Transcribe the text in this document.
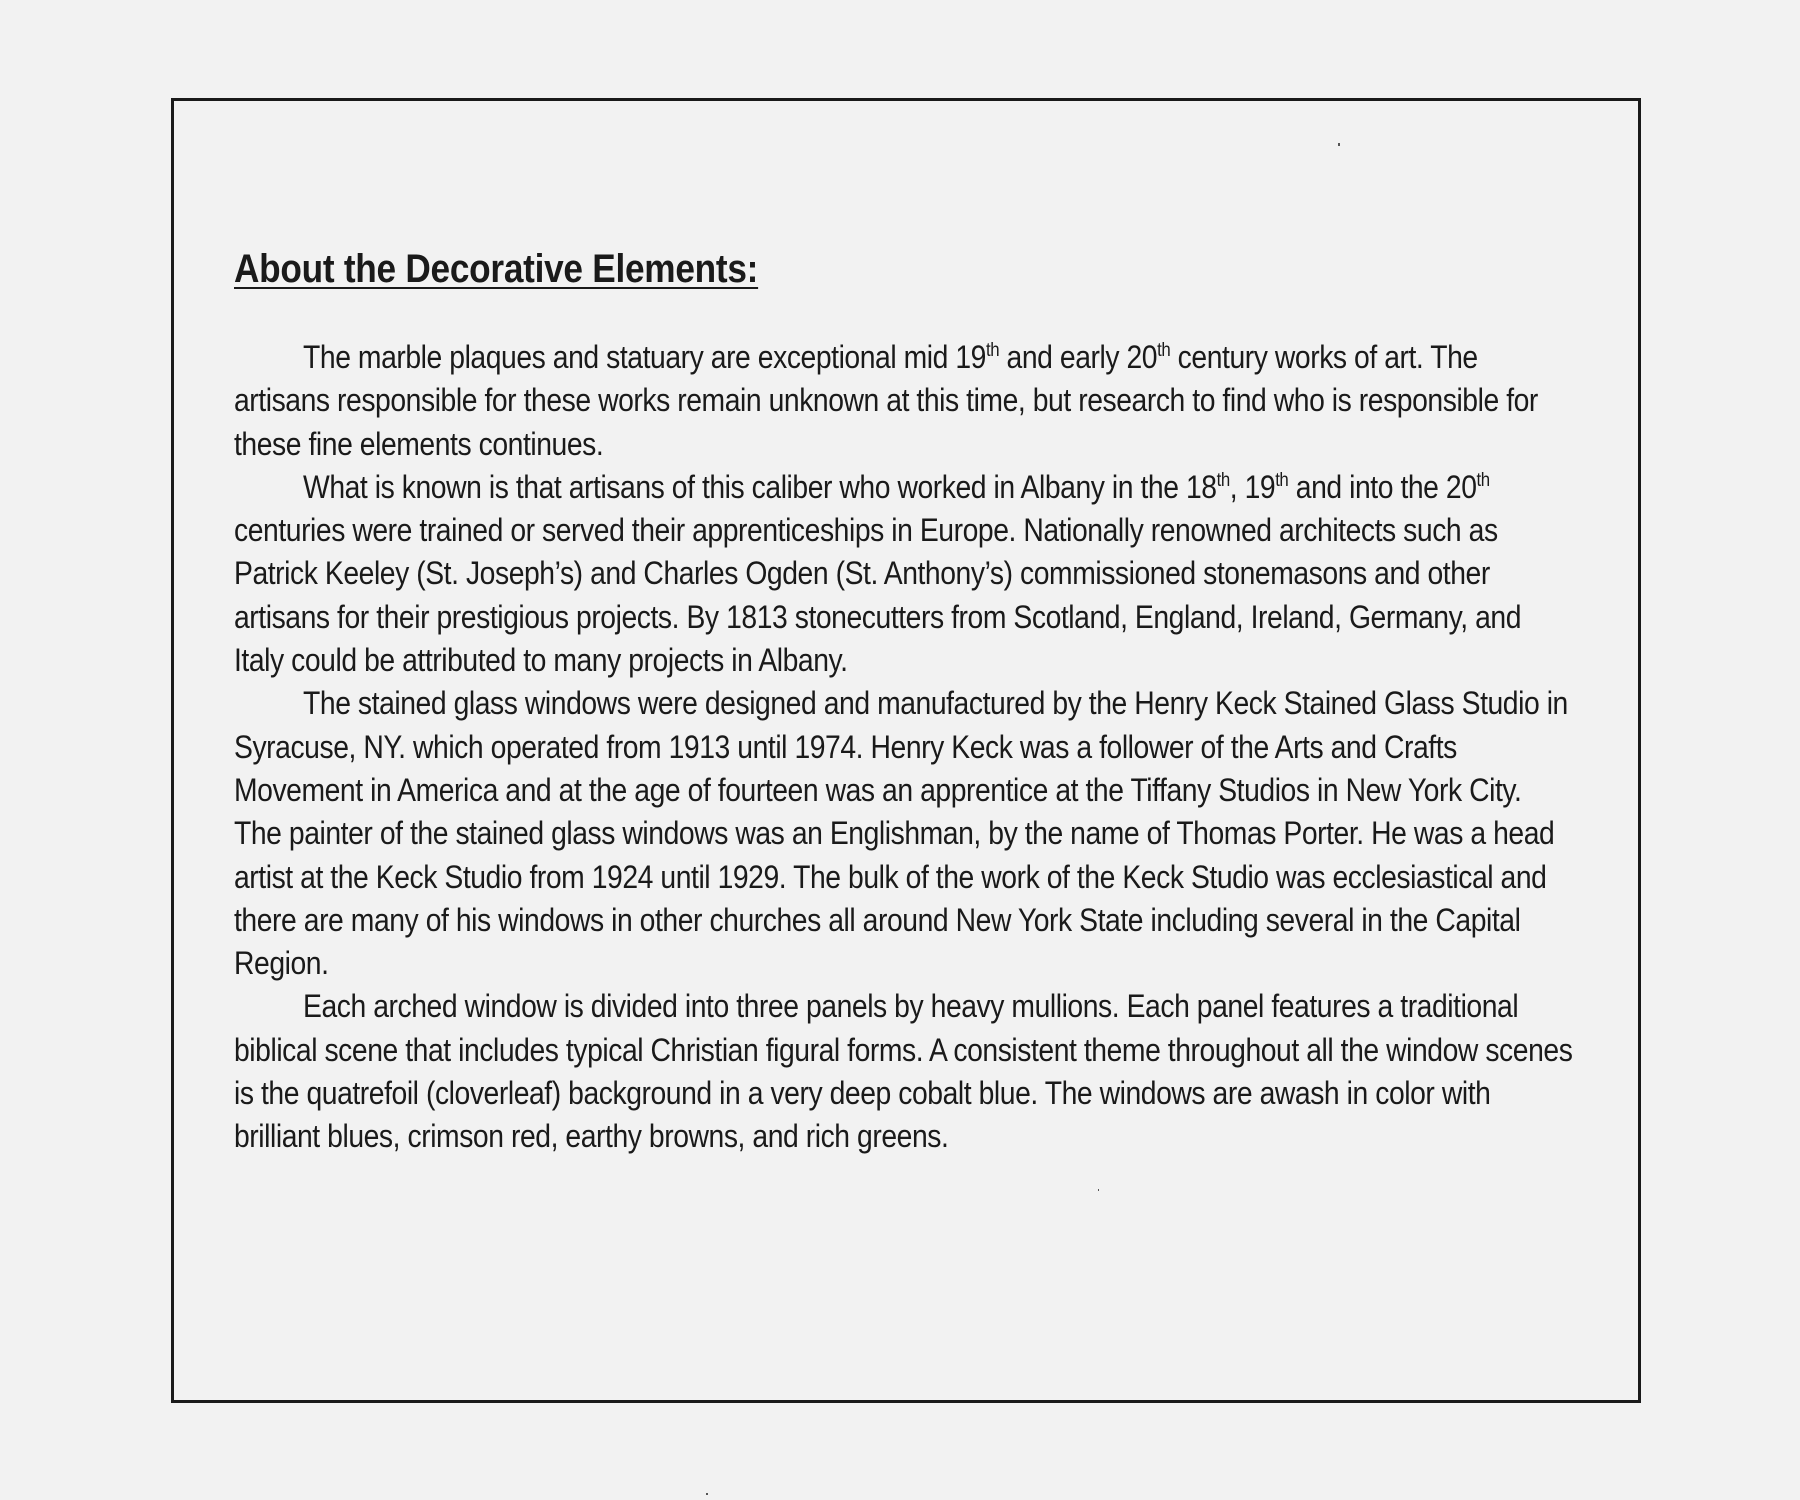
About the Decorative Elements:

The marble plaques and statuary are exceptional mid 19th and early 20th century works of art. The artisans responsible for these works remain unknown at this time, but research to find who is responsible for these fine elements continues.

What is known is that artisans of this caliber who worked in Albany in the 18th, 19th and into the 20th centuries were trained or served their apprenticeships in Europe. Nationally renowned architects such as Patrick Keeley (St. Joseph’s) and Charles Ogden (St. Anthony’s) commissioned stonemasons and other artisans for their prestigious projects. By 1813 stonecutters from Scotland, England, Ireland, Germany, and Italy could be attributed to many projects in Albany.

The stained glass windows were designed and manufactured by the Henry Keck Stained Glass Studio in Syracuse, NY. which operated from 1913 until 1974. Henry Keck was a follower of the Arts and Crafts Movement in America and at the age of fourteen was an apprentice at the Tiffany Studios in New York City. The painter of the stained glass windows was an Englishman, by the name of Thomas Porter. He was a head artist at the Keck Studio from 1924 until 1929. The bulk of the work of the Keck Studio was ecclesiastical and there are many of his windows in other churches all around New York State including several in the Capital Region.

Each arched window is divided into three panels by heavy mullions. Each panel features a traditional biblical scene that includes typical Christian figural forms. A consistent theme throughout all the window scenes is the quatrefoil (cloverleaf) background in a very deep cobalt blue. The windows are awash in color with brilliant blues, crimson red, earthy browns, and rich greens.
